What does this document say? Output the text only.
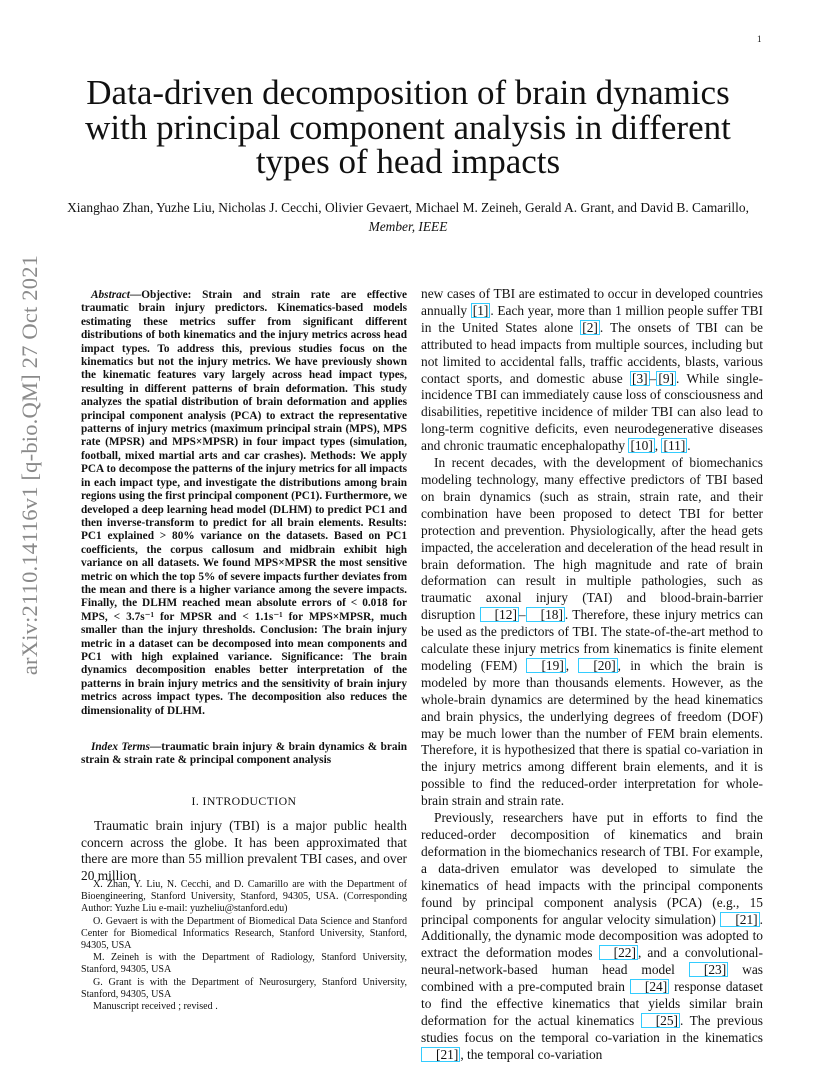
1
arXiv:2110.14116v1 [q-bio.QM] 27 Oct 2021
Data-driven decomposition of brain dynamics with principal component analysis in different types of head impacts
Xianghao Zhan, Yuzhe Liu, Nicholas J. Cecchi, Olivier Gevaert, Michael M. Zeineh, Gerald A. Grant, and David B. Camarillo, Member, IEEE
Abstract—Objective: Strain and strain rate are effective traumatic brain injury predictors. Kinematics-based models estimating these metrics suffer from significant different distributions of both kinematics and the injury metrics across head impact types. To address this, previous studies focus on the kinematics but not the injury metrics. We have previously shown the kinematic features vary largely across head impact types, resulting in different patterns of brain deformation. This study analyzes the spatial distribution of brain deformation and applies principal component analysis (PCA) to extract the representative patterns of injury metrics (maximum principal strain (MPS), MPS rate (MPSR) and MPS×MPSR) in four impact types (simulation, football, mixed martial arts and car crashes). Methods: We apply PCA to decompose the patterns of the injury metrics for all impacts in each impact type, and investigate the distributions among brain regions using the first principal component (PC1). Furthermore, we developed a deep learning head model (DLHM) to predict PC1 and then inverse-transform to predict for all brain elements. Results: PC1 explained > 80% variance on the datasets. Based on PC1 coefficients, the corpus callosum and midbrain exhibit high variance on all datasets. We found MPS×MPSR the most sensitive metric on which the top 5% of severe impacts further deviates from the mean and there is a higher variance among the severe impacts. Finally, the DLHM reached mean absolute errors of < 0.018 for MPS, < 3.7s⁻¹ for MPSR and < 1.1s⁻¹ for MPS×MPSR, much smaller than the injury thresholds. Conclusion: The brain injury metric in a dataset can be decomposed into mean components and PC1 with high explained variance. Significance: The brain dynamics decomposition enables better interpretation of the patterns in brain injury metrics and the sensitivity of brain injury metrics across impact types. The decomposition also reduces the dimensionality of DLHM.
Index Terms—traumatic brain injury & brain dynamics & brain strain & strain rate & principal component analysis
I. INTRODUCTION
Traumatic brain injury (TBI) is a major public health concern across the globe. It has been approximated that there are more than 55 million prevalent TBI cases, and over 20 million

X. Zhan, Y. Liu, N. Cecchi, and D. Camarillo are with the Department of Bioengineering, Stanford University, Stanford, 94305, USA. (Corresponding Author: Yuzhe Liu e-mail: yuzheliu@stanford.edu)

O. Gevaert is with the Department of Biomedical Data Science and Stanford Center for Biomedical Informatics Research, Stanford University, Stanford, 94305, USA

M. Zeineh is with the Department of Radiology, Stanford University, Stanford, 94305, USA

G. Grant is with the Department of Neurosurgery, Stanford University, Stanford, 94305, USA

Manuscript received ; revised .

new cases of TBI are estimated to occur in developed countries annually [1] . Each year, more than 1 million people suffer TBI in the United States alone [2] . The onsets of TBI can be attributed to head impacts from multiple sources, including but not limited to accidental falls, traffic accidents, blasts, various contact sports, and domestic abuse [3] – [9] . While single-incidence TBI can immediately cause loss of consciousness and disabilities, repetitive incidence of milder TBI can also lead to long-term cognitive deficits, even neurodegenerative diseases and chronic traumatic encephalopathy [10] , [11] .

In recent decades, with the development of biomechanics modeling technology, many effective predictors of TBI based on brain dynamics (such as strain, strain rate, and their combination have been proposed to detect TBI for better protection and prevention. Physiologically, after the head gets impacted, the acceleration and deceleration of the head result in brain deformation. The high magnitude and rate of brain deformation can result in multiple pathologies, such as traumatic axonal injury (TAI) and blood-brain-barrier disruption [12] – [18] . Therefore, these injury metrics can be used as the predictors of TBI. The state-of-the-art method to calculate these injury metrics from kinematics is finite element modeling (FEM) [19] , [20] , in which the brain is modeled by more than thousands elements. However, as the whole-brain dynamics are determined by the head kinematics and brain physics, the underlying degrees of freedom (DOF) may be much lower than the number of FEM brain elements. Therefore, it is hypothesized that there is spatial co-variation in the injury metrics among different brain elements, and it is possible to find the reduced-order interpretation for whole-brain strain and strain rate.

Previously, researchers have put in efforts to find the reduced-order decomposition of kinematics and brain deformation in the biomechanics research of TBI. For example, a data-driven emulator was developed to simulate the kinematics of head impacts with the principal components found by principal component analysis (PCA) (e.g., 15 principal components for angular velocity simulation) [21] . Additionally, the dynamic mode decomposition was adopted to extract the deformation modes [22] , and a convolutional-neural-network-based human head model [23] was combined with a pre-computed brain [24] response dataset to find the effective kinematics that yields similar brain deformation for the actual kinematics [25] . The previous studies focus on the temporal co-variation in the kinematics [21] , the temporal co-variation
